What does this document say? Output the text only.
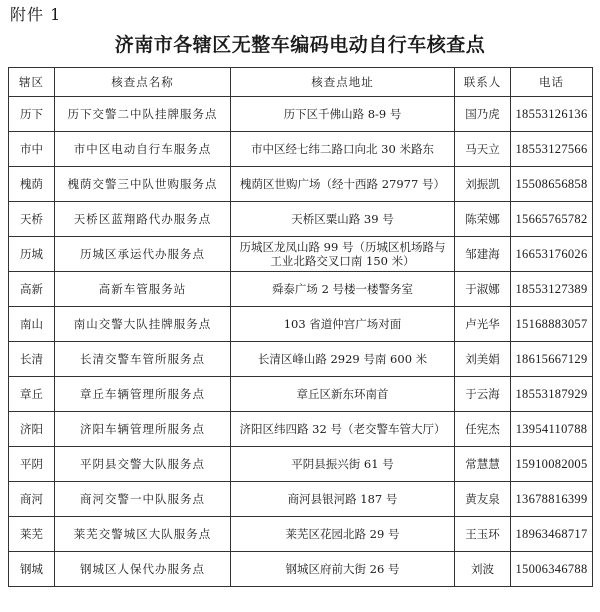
附件 1
济南市各辖区无整车编码电动自行车核查点
辖区	核查点名称	核查点地址	联系人	电话
历下	历下交警二中队挂牌服务点	历下区千佛山路 8-9 号	国乃虎	18553126136
市中	市中区电动自行车服务点	市中区经七纬二路口向北 30 米路东	马天立	18553127566
槐荫	槐荫交警三中队世购服务点	槐荫区世购广场（经十西路 27977 号）	刘振凯	15508656858
天桥	天桥区蓝翔路代办服务点	天桥区粟山路 39 号	陈荣娜	15665765782
历城	历城区承运代办服务点	历城区龙凤山路 99 号（历城区机场路与工业北路交叉口南 150 米）	邹建海	16653176026
高新	高新车管服务站	舜泰广场 2 号楼一楼警务室	于淑娜	18553127389
南山	南山交警大队挂牌服务点	103 省道仲宫广场对面	卢光华	15168883057
长清	长清交警车管所服务点	长清区峰山路 2929 号南 600 米	刘美娟	18615667129
章丘	章丘车辆管理所服务点	章丘区新东环南首	于云海	18553187929
济阳	济阳车辆管理所服务点	济阳区纬四路 32 号（老交警车管大厅）	任宪杰	13954110788
平阴	平阴县交警大队服务点	平阴县振兴街 61 号	常慧慧	15910082005
商河	商河交警一中队服务点	商河县银河路 187 号	黄友泉	13678816399
莱芜	莱芜交警城区大队服务点	莱芜区花园北路 29 号	王玉环	18963468717
钢城	钢城区人保代办服务点	钢城区府前大街 26 号	刘波	15006346788
